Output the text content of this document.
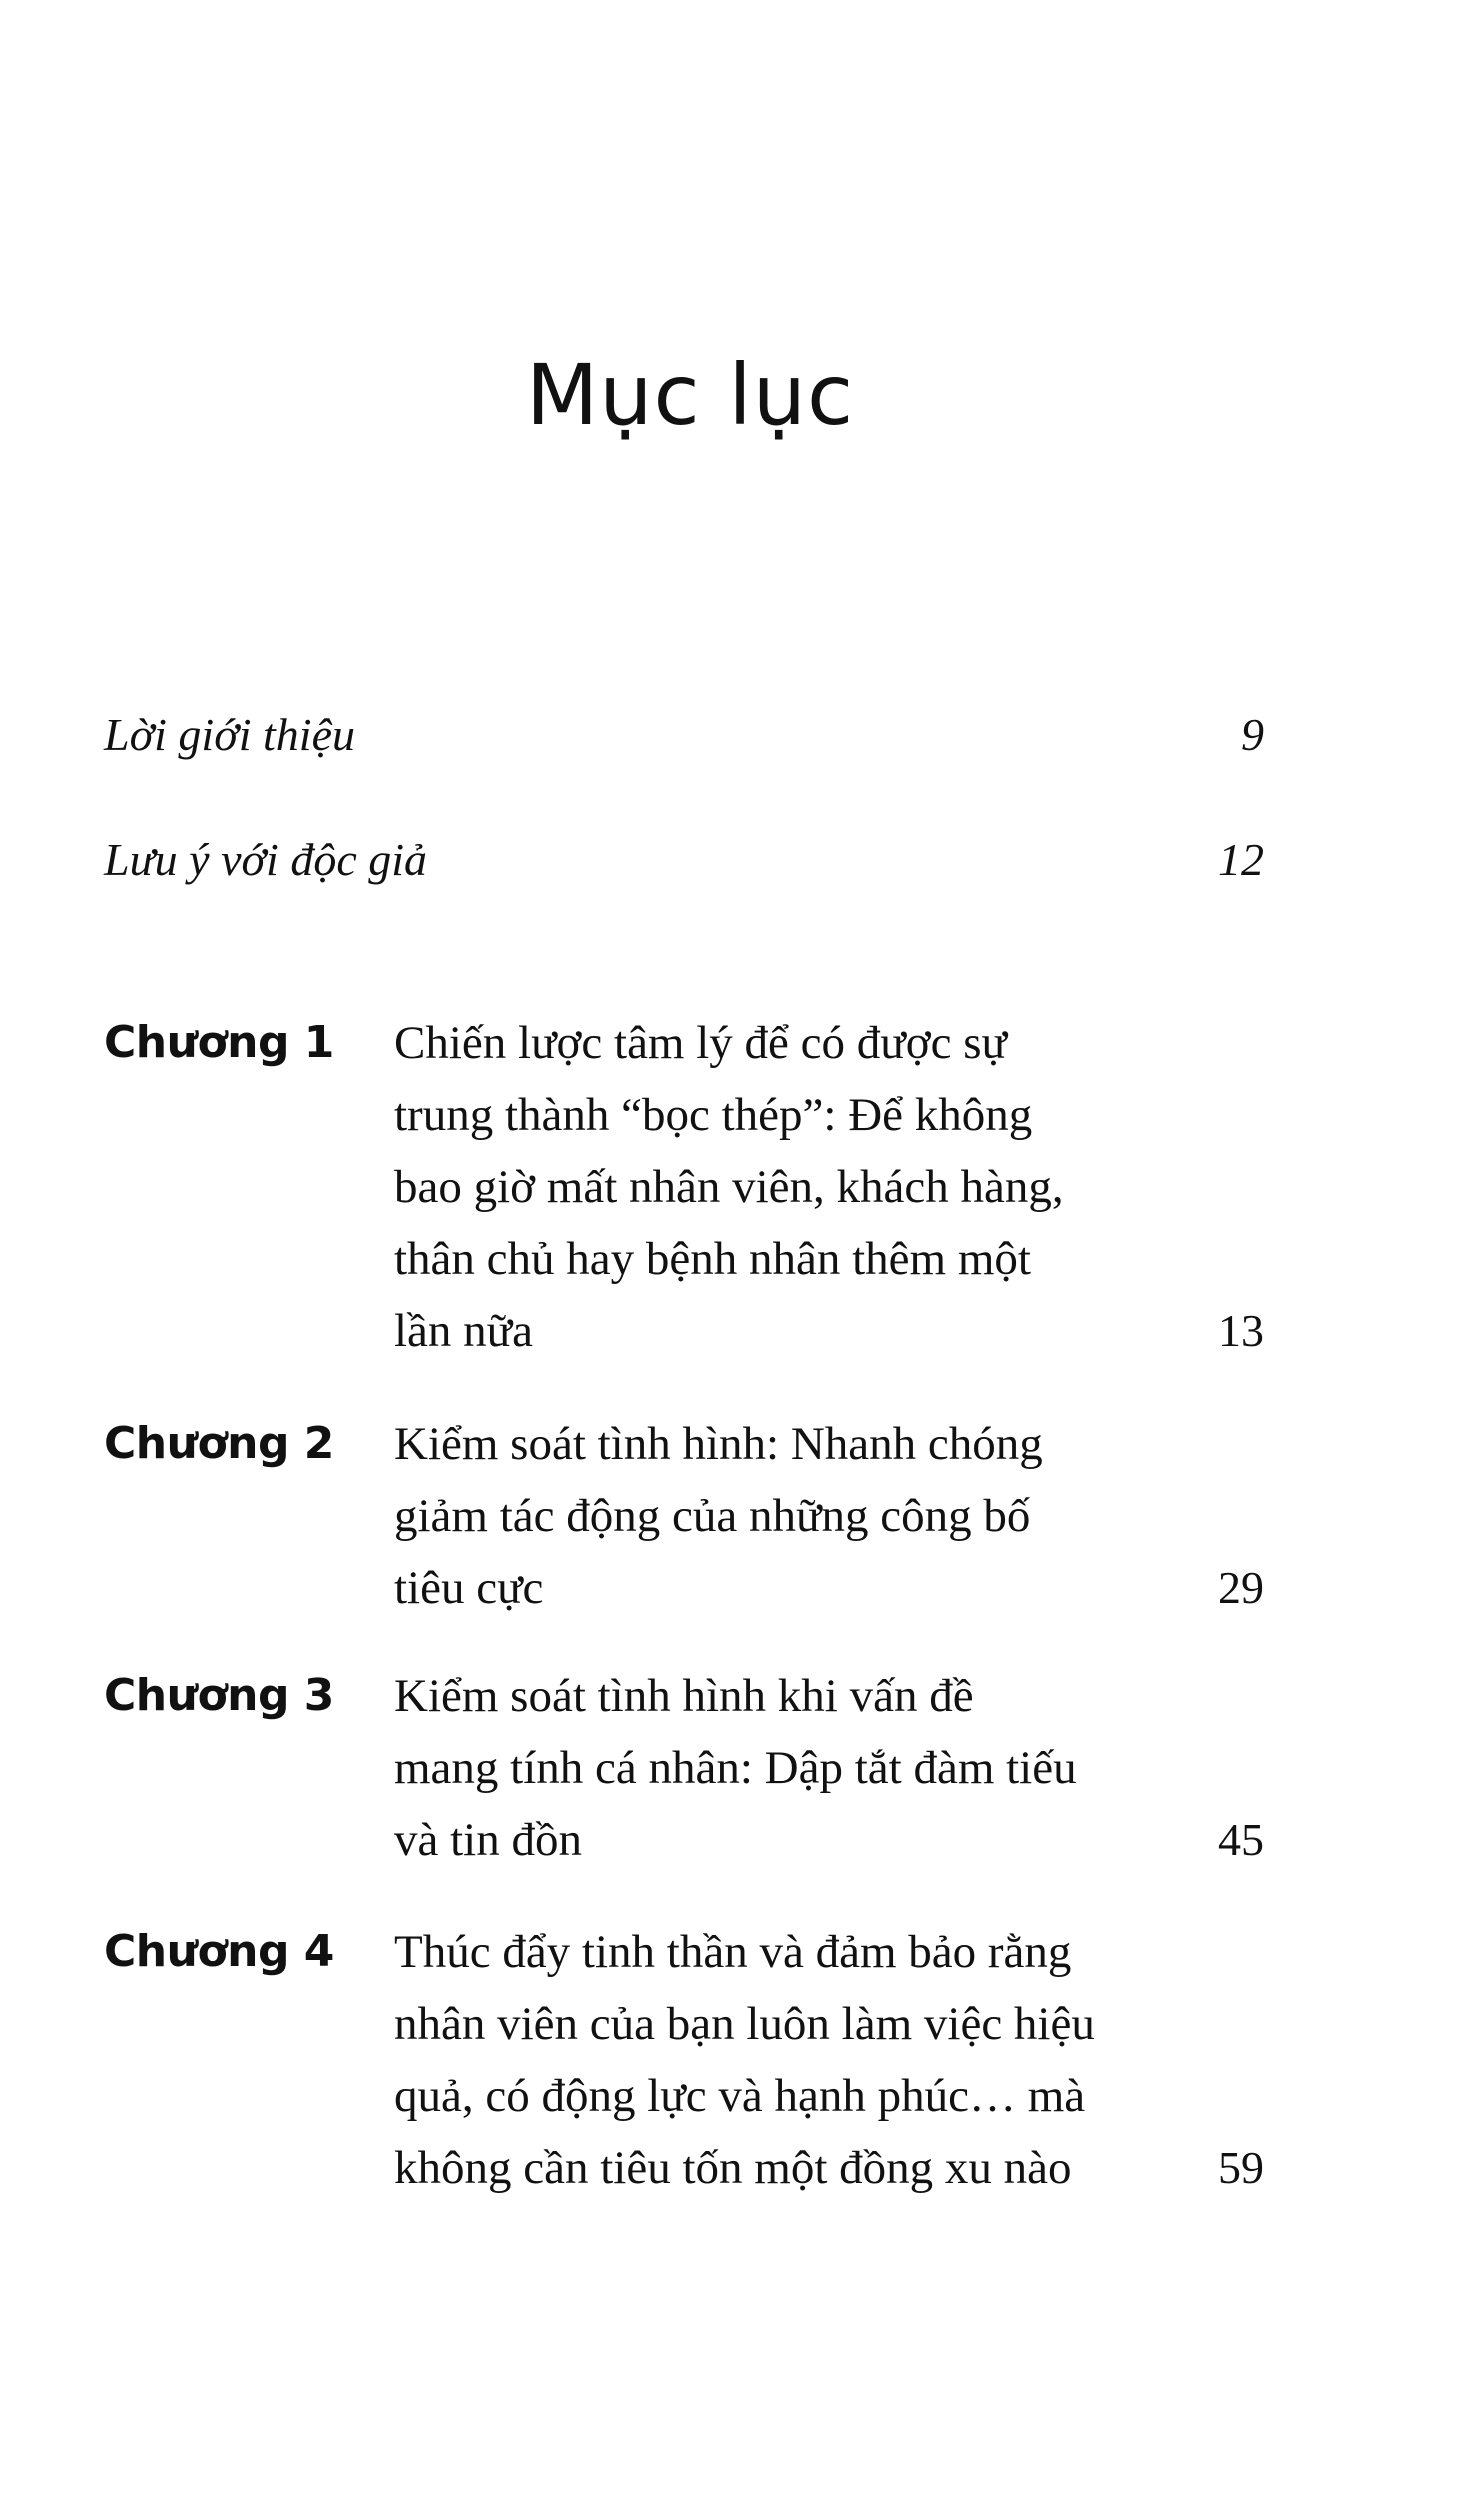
Mục lục
Lời giới thiệu	9
Lưu ý với độc giả	12
Chương 1 Chiến lược tâm lý để có được sự
trung thành “bọc thép”: Để không
bao giờ mất nhân viên, khách hàng,
thân chủ hay bệnh nhân thêm một
lần nữa	13
Chương 2 Kiểm soát tình hình: Nhanh chóng
giảm tác động của những công bố
tiêu cực	29
Chương 3 Kiểm soát tình hình khi vấn đề
mang tính cá nhân: Dập tắt đàm tiếu
và tin đồn	45
Chương 4 Thúc đẩy tinh thần và đảm bảo rằng
nhân viên của bạn luôn làm việc hiệu
quả, có động lực và hạnh phúc… mà
không cần tiêu tốn một đồng xu nào	59
